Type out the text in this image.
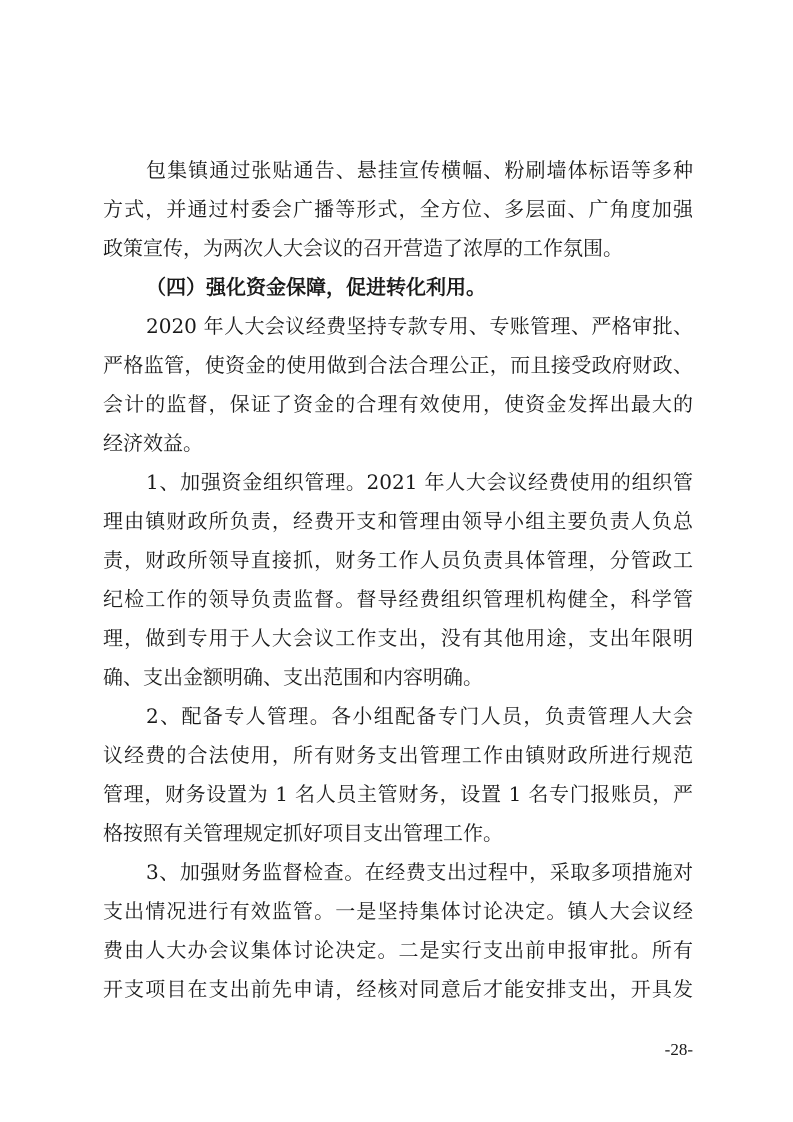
包集镇通过张贴通告、悬挂宣传横幅、粉刷墙体标语等多种
方式，并通过村委会广播等形式，全方位、多层面、广角度加强
政策宣传，为两次人大会议的召开营造了浓厚的工作氛围。
（四）强化资金保障，促进转化利用。
2020 年人大会议经费坚持专款专用、专账管理、严格审批、
严格监管，使资金的使用做到合法合理公正，而且接受政府财政、
会计的监督，保证了资金的合理有效使用，使资金发挥出最大的
经济效益。
1、加强资金组织管理。2021 年人大会议经费使用的组织管
理由镇财政所负责，经费开支和管理由领导小组主要负责人负总
责，财政所领导直接抓，财务工作人员负责具体管理，分管政工
纪检工作的领导负责监督。督导经费组织管理机构健全，科学管
理，做到专用于人大会议工作支出，没有其他用途，支出年限明
确、支出金额明确、支出范围和内容明确。
2、配备专人管理。各小组配备专门人员，负责管理人大会
议经费的合法使用，所有财务支出管理工作由镇财政所进行规范
管理，财务设置为 1 名人员主管财务，设置 1 名专门报账员，严
格按照有关管理规定抓好项目支出管理工作。
3、加强财务监督检查。在经费支出过程中，采取多项措施对
支出情况进行有效监管。一是坚持集体讨论决定。镇人大会议经
费由人大办会议集体讨论决定。二是实行支出前申报审批。所有
开支项目在支出前先申请，经核对同意后才能安排支出，开具发
-28-
